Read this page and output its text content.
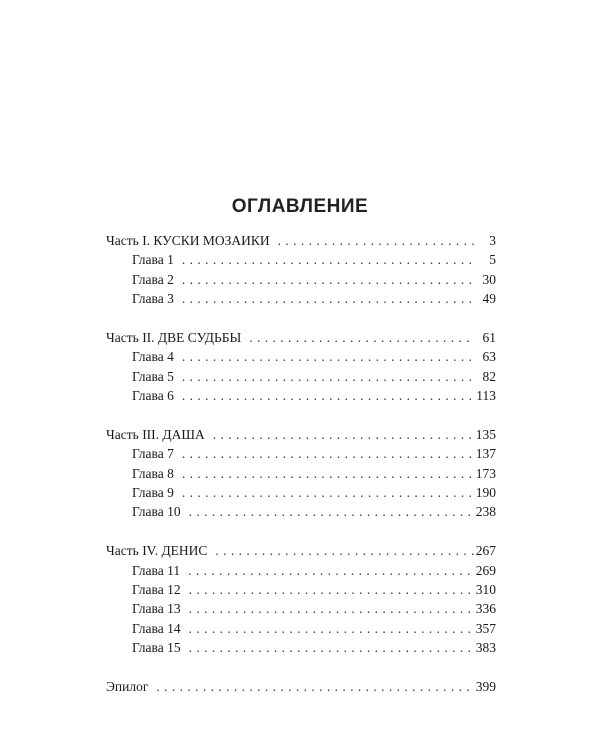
ОГЛАВЛЕНИЕ
Часть I. КУСКИ МОЗАИКИ . . .	3
Глава 1 . . .	5
Глава 2 . . .	30
Глава 3 . . .	49
Часть II. ДВЕ СУДЬБЫ . . .	61
Глава 4 . . .	63
Глава 5 . . .	82
Глава 6 . . .	113
Часть III. ДАША . . .	135
Глава 7 . . .	137
Глава 8 . . .	173
Глава 9 . . .	190
Глава 10 . . .	238
Часть IV. ДЕНИС . . .	267
Глава 11 . . .	269
Глава 12 . . .	310
Глава 13 . . .	336
Глава 14 . . .	357
Глава 15 . . .	383
Эпилог . . .	399
